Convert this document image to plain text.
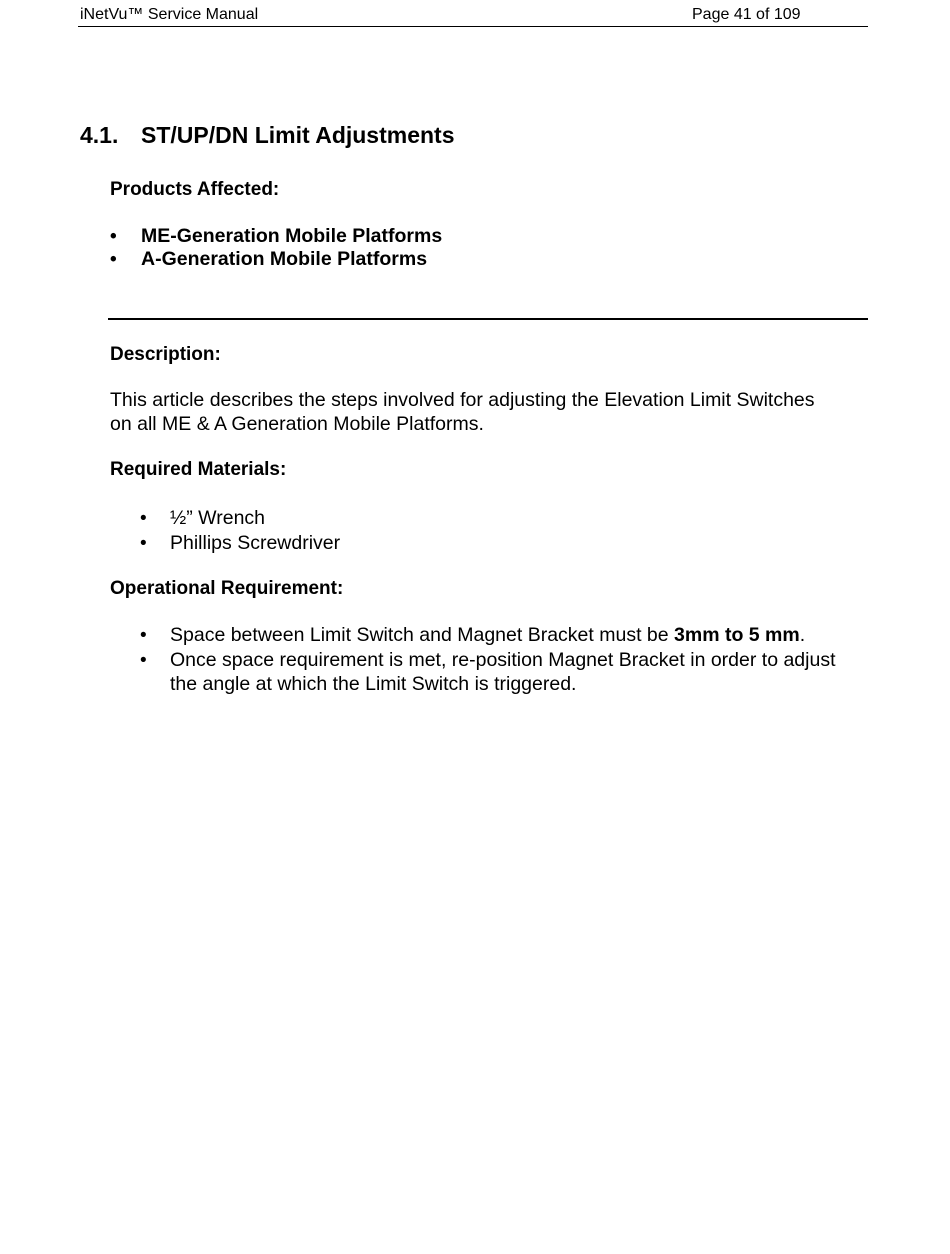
iNetVu™ Service Manual	Page 41 of 109
4.1. ST/UP/DN Limit Adjustments
Products Affected:
• ME-Generation Mobile Platforms
• A-Generation Mobile Platforms
Description:
This article describes the steps involved for adjusting the Elevation Limit Switches
on all ME & A Generation Mobile Platforms.
Required Materials:
• ½” Wrench
• Phillips Screwdriver
Operational Requirement:
• Space between Limit Switch and Magnet Bracket must be 3mm to 5 mm.
• Once space requirement is met, re-position Magnet Bracket in order to adjust
the angle at which the Limit Switch is triggered.
